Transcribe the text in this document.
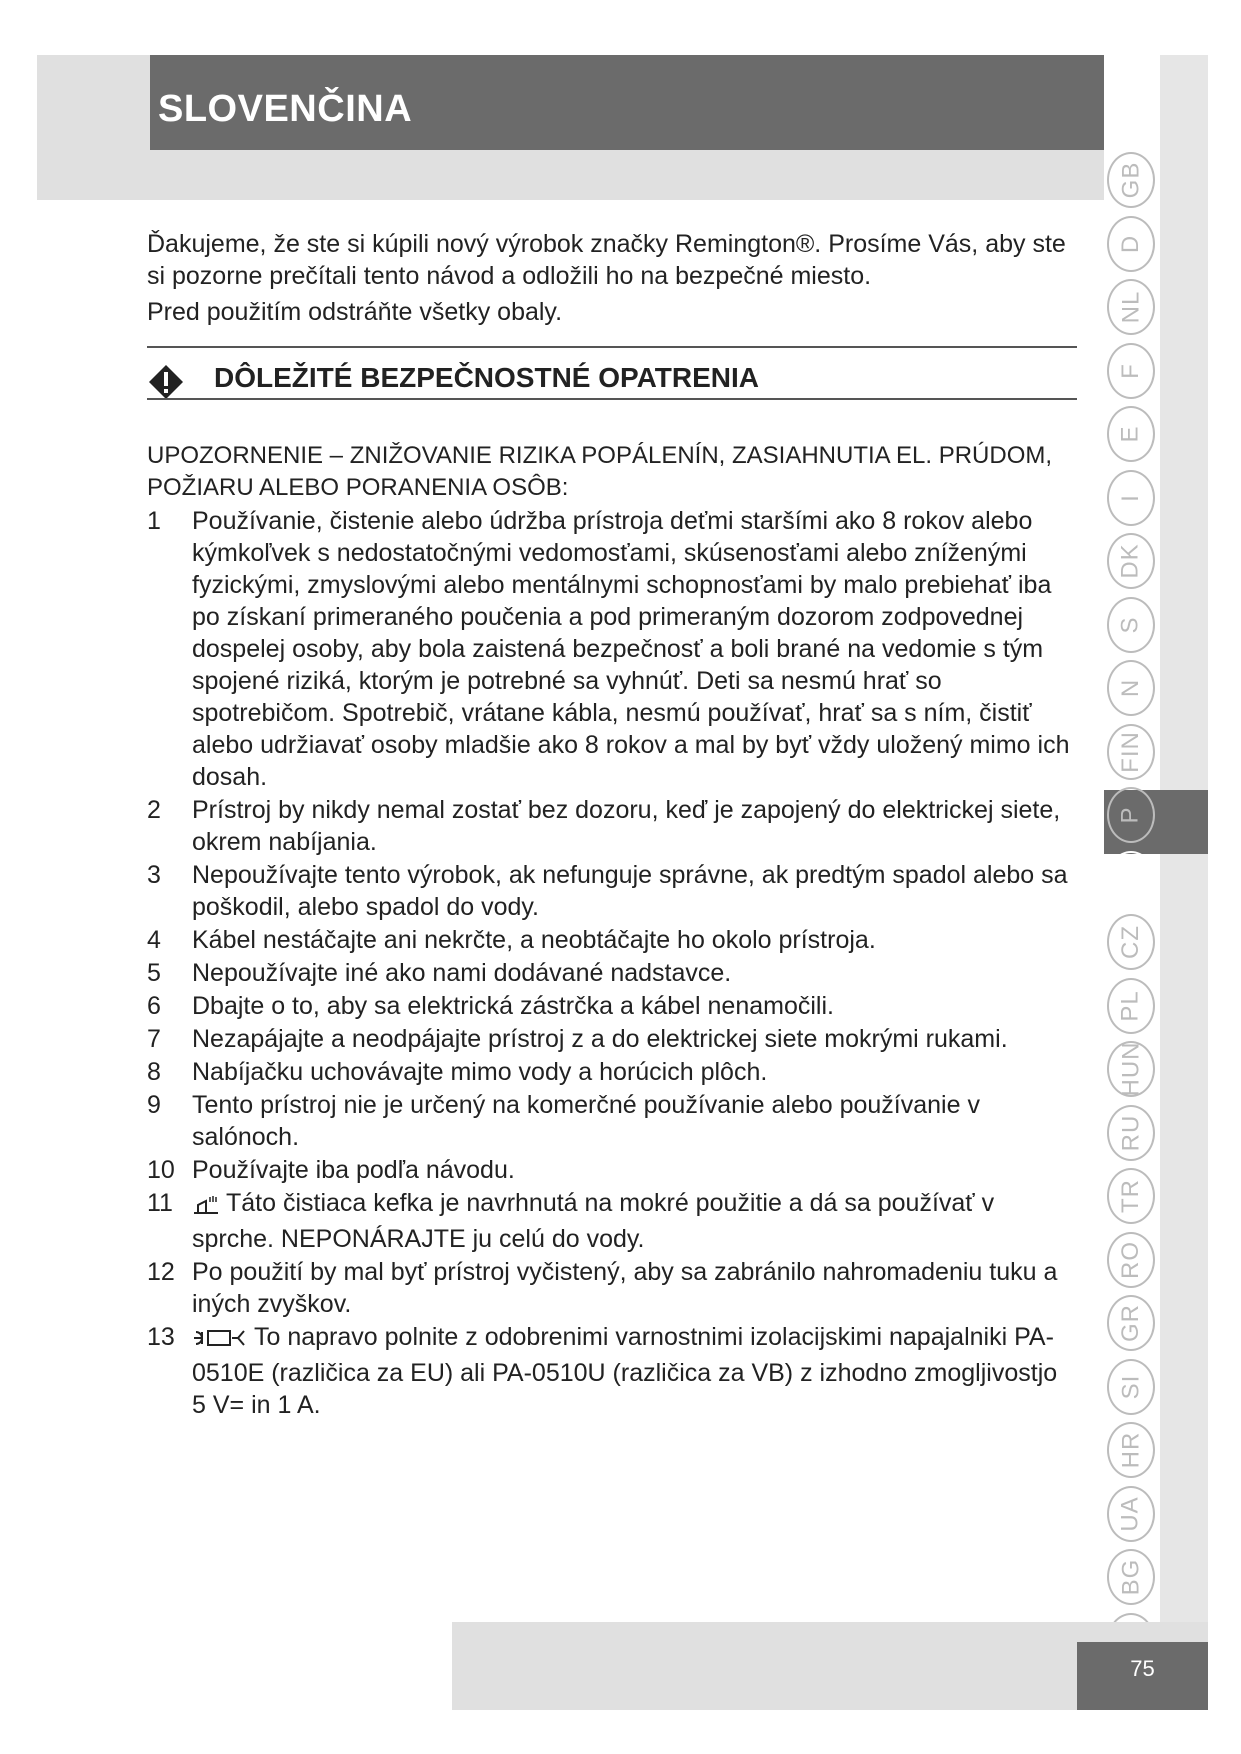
SLOVENČINA
GB
D
NL
F
E
I
DK
S
N
FIN
P
SK
CZ
PL
HUN
RU
TR
RO
GR
SI
HR
UA
BG

Ďakujeme, že ste si kúpili nový výrobok značky Remington®. Prosíme Vás, aby ste si pozorne prečítali tento návod a odložili ho na bezpečné miesto.

Pred použitím odstráňte všetky obaly.

DÔLEŽITÉ BEZPEČNOSTNÉ OPATRENIA
UPOZORNENIE – ZNIŽOVANIE RIZIKA POPÁLENÍN, ZASIAHNUTIA EL. PRÚDOM, POŽIARU ALEBO PORANENIA OSÔB:
1	Používanie, čistenie alebo údržba prístroja deťmi staršími ako 8 rokov alebo kýmkoľvek s nedostatočnými vedomosťami, skúsenosťami alebo zníženými fyzickými, zmyslovými alebo mentálnymi schopnosťami by malo prebiehať iba po získaní primeraného poučenia a pod primeraným dozorom zodpovednej dospelej osoby, aby bola zaistená bezpečnosť a boli brané na vedomie s tým spojené riziká, ktorým je potrebné sa vyhnúť. Deti sa nesmú hrať so spotrebičom. Spotrebič, vrátane kábla, nesmú používať, hrať sa s ním, čistiť alebo udržiavať osoby mladšie ako 8 rokov a mal by byť vždy uložený mimo ich dosah.
2	Prístroj by nikdy nemal zostať bez dozoru, keď je zapojený do elektrickej siete, okrem nabíjania.
3	Nepoužívajte tento výrobok, ak nefunguje správne, ak predtým spadol alebo sa poškodil, alebo spadol do vody.
4	Kábel nestáčajte ani nekrčte, a neobtáčajte ho okolo prístroja.
5	Nepoužívajte iné ako nami dodávané nadstavce.
6	Dbajte o to, aby sa elektrická zástrčka a kábel nenamočili.
7	Nezapájajte a neodpájajte prístroj z a do elektrickej siete mokrými rukami.
8	Nabíjačku uchovávajte mimo vody a horúcich plôch.
9	Tento prístroj nie je určený na komerčné používanie alebo používanie v salónoch.
10 Používajte iba podľa návodu.
11	Táto čistiaca kefka je navrhnutá na mokré použitie a dá sa používať v sprche. NEPONÁRAJTE ju celú do vody.
12 Po použití by mal byť prístroj vyčistený, aby sa zabránilo nahromadeniu tuku a iných zvyškov.
13	To napravo polnite z odobrenimi varnostnimi izolacijskimi napajalniki PA-0510E (različica za EU) ali PA-0510U (različica za VB) z izhodno zmogljivostjo 5 V= in 1 A.
75
